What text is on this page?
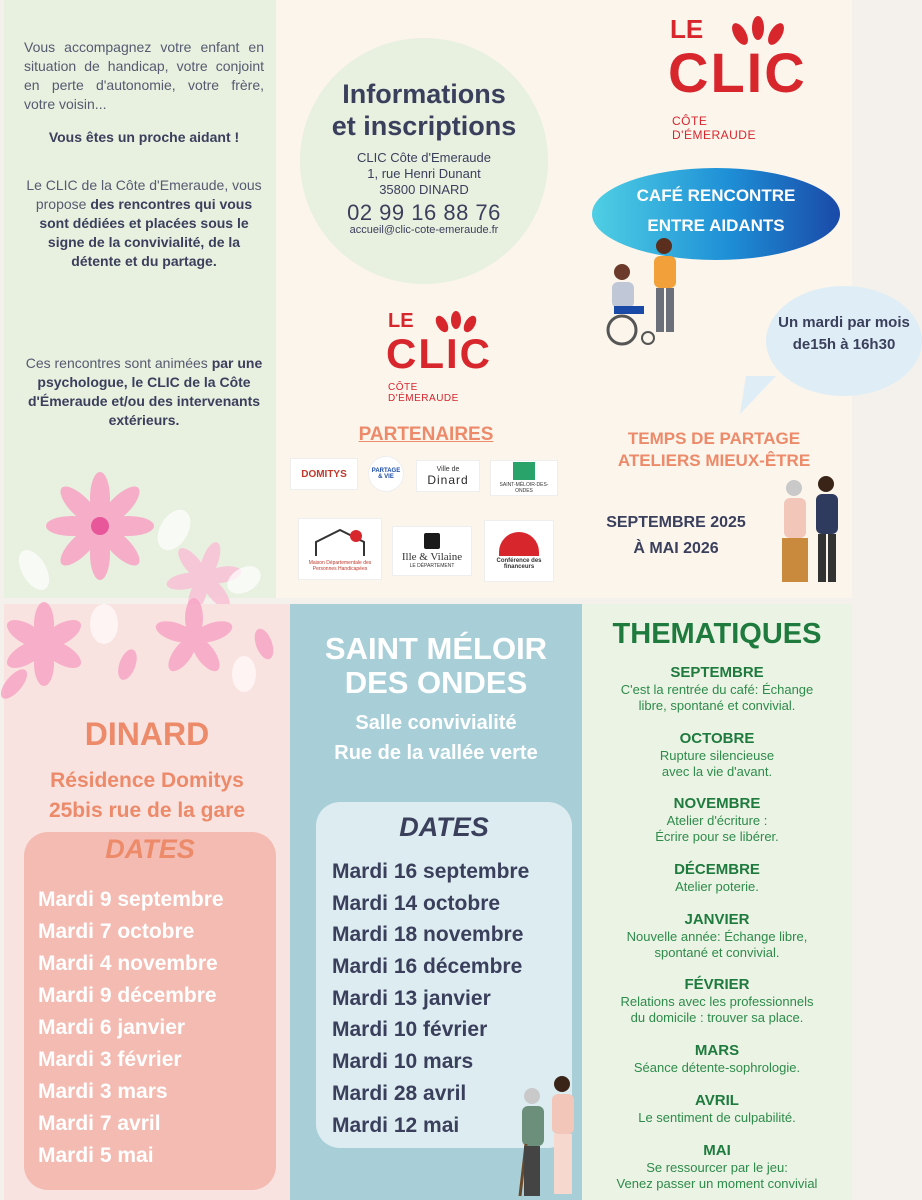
Vous accompagnez votre enfant en situation de handicap, votre conjoint en perte d'autonomie, votre frère, votre voisin...

Vous êtes un proche aidant !

Le CLIC de la Côte d'Emeraude, vous propose des rencontres qui vous sont dédiées et placées sous le signe de la convivialité, de la détente et du partage.

Ces rencontres sont animées par une psychologue, le CLIC de la Côte d'Émeraude et/ou des intervenants extérieurs.

Informations
et inscriptions
CLIC Côte d'Emeraude
1, rue Henri Dunant
35800 DINARD
02 99 16 88 76
accueil@clic-cote-emeraude.fr
LE
CLIC
CÔTE D'ÉMERAUDE
PARTENAIRES
DOMITYS	PARTAGE & VIE
Ville de
Dinard	SAINT-MÉLOIR-DES-ONDES
Maison Départementale des Personnes Handicapées
Ille & Vilaine
LE DÉPARTEMENT
Conférence des financeurs
LE
CLIC
CÔTE D'ÉMERAUDE
CAFÉ RENCONTRE
ENTRE AIDANTS
Un mardi par mois
de15h à 16h30
TEMPS DE PARTAGE
ATELIERS MIEUX-ÊTRE
SEPTEMBRE 2025
À MAI 2026
DINARD
Résidence Domitys
25bis rue de la gare
DATES
Mardi 9 septembre
Mardi 7 octobre
Mardi 4 novembre
Mardi 9 décembre
Mardi 6 janvier
Mardi 3 février
Mardi 3 mars
Mardi 7 avril
Mardi 5 mai
SAINT MÉLOIR
DES ONDES
Salle convivialité
Rue de la vallée verte
DATES
Mardi 16 septembre
Mardi 14 octobre
Mardi 18 novembre
Mardi 16 décembre
Mardi 13 janvier
Mardi 10 février
Mardi 10 mars
Mardi 28 avril
Mardi 12 mai
THEMATIQUES
SEPTEMBRE
C'est la rentrée du café: Échange
libre, spontané et convivial.
OCTOBRE
Rupture silencieuse
avec la vie d'avant.
NOVEMBRE
Atelier d'écriture :
Écrire pour se libérer.
DÉCEMBRE
Atelier poterie.
JANVIER
Nouvelle année: Échange libre,
spontané et convivial.
FÉVRIER
Relations avec les professionnels
du domicile : trouver sa place.
MARS
Séance détente-sophrologie.
AVRIL
Le sentiment de culpabilité.
MAI
Se ressourcer par le jeu:
Venez passer un moment convivial
